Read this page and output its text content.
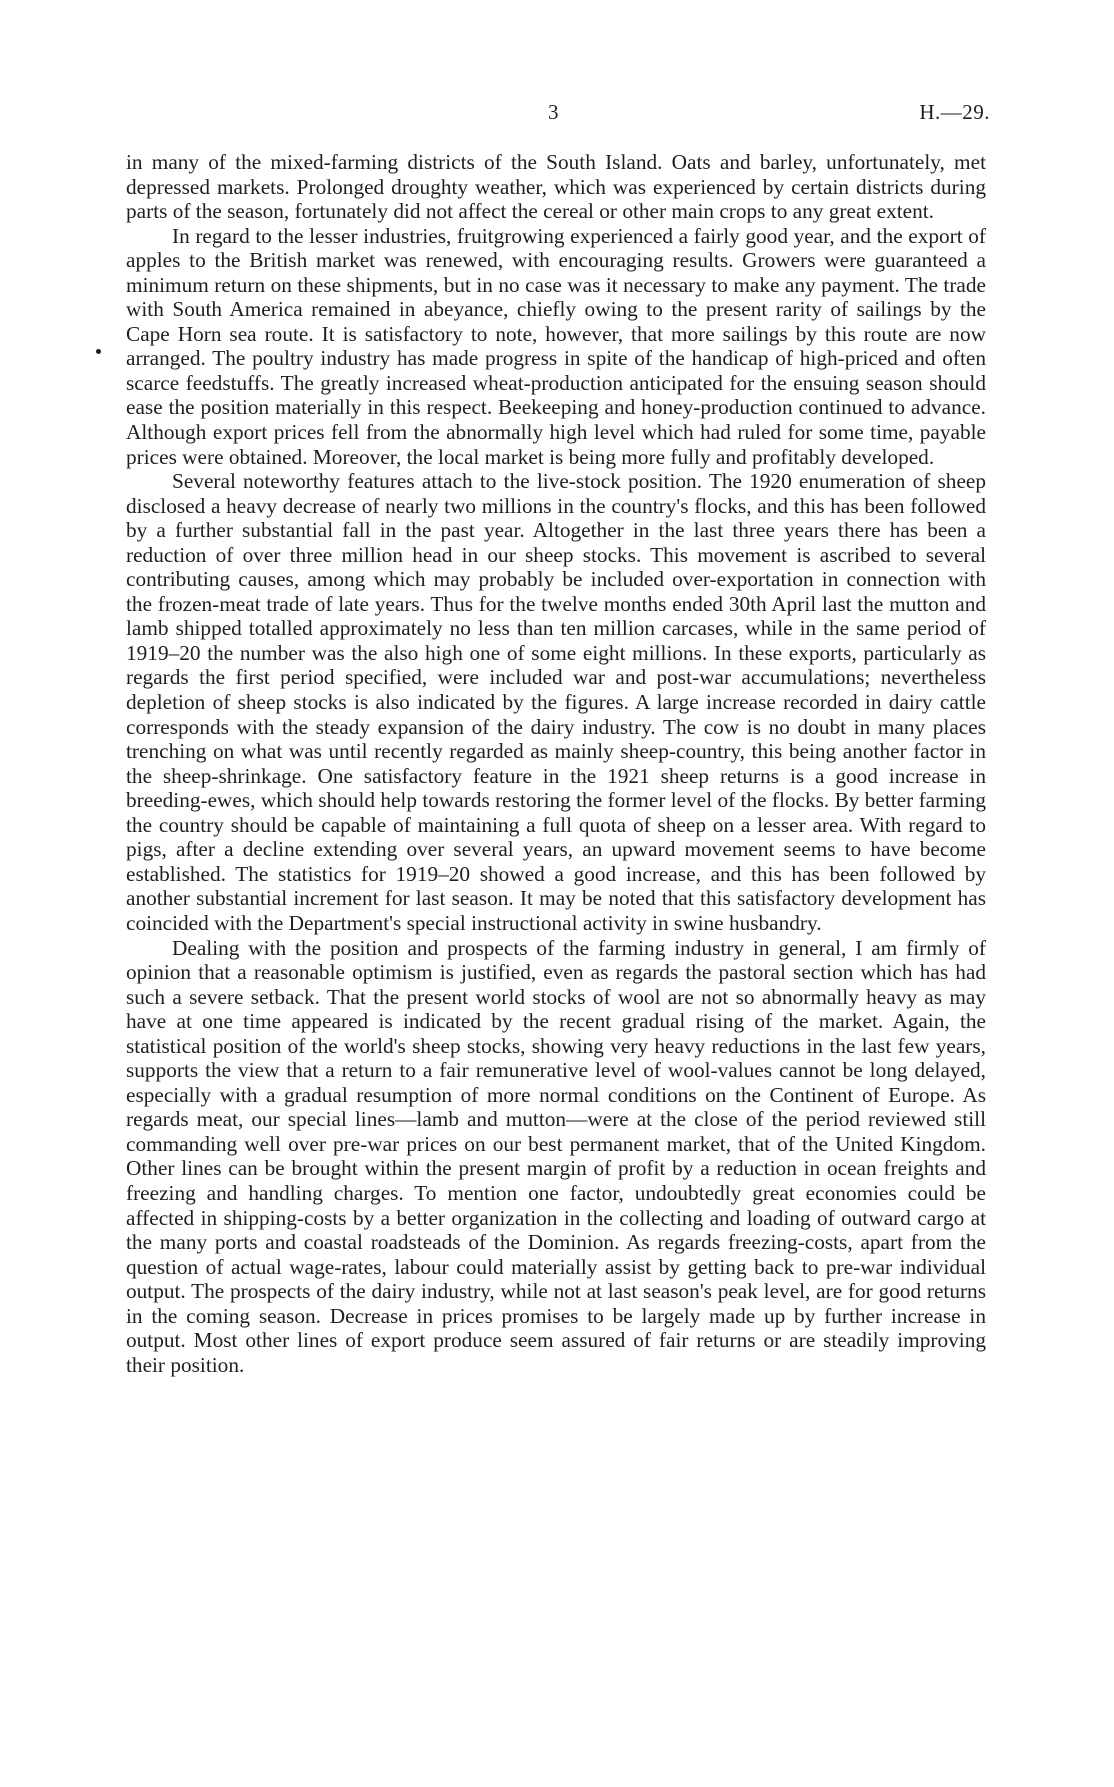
3	H.—29.

in many of the mixed-farming districts of the South Island. Oats and barley, unfortunately, met depressed markets. Prolonged droughty weather, which was experienced by certain districts during parts of the season, fortunately did not affect the cereal or other main crops to any great extent.

In regard to the lesser industries, fruitgrowing experienced a fairly good year, and the export of apples to the British market was renewed, with encouraging results. Growers were guaranteed a minimum return on these shipments, but in no case was it necessary to make any payment. The trade with South America remained in abeyance, chiefly owing to the present rarity of sailings by the Cape Horn sea route. It is satisfactory to note, however, that more sailings by this route are now arranged. The poultry industry has made progress in spite of the handicap of high-priced and often scarce feedstuffs. The greatly increased wheat-production anticipated for the ensuing season should ease the position materially in this respect. Beekeeping and honey-production continued to advance. Although export prices fell from the abnormally high level which had ruled for some time, payable prices were obtained. Moreover, the local market is being more fully and profitably developed.

Several noteworthy features attach to the live-stock position. The 1920 enumeration of sheep disclosed a heavy decrease of nearly two millions in the country's flocks, and this has been followed by a further substantial fall in the past year. Altogether in the last three years there has been a reduction of over three million head in our sheep stocks. This movement is ascribed to several contributing causes, among which may probably be included over-exportation in connection with the frozen-meat trade of late years. Thus for the twelve months ended 30th April last the mutton and lamb shipped totalled approximately no less than ten million carcases, while in the same period of 1919–20 the number was the also high one of some eight millions. In these exports, particularly as regards the first period specified, were included war and post-war accumulations; nevertheless depletion of sheep stocks is also indicated by the figures. A large increase recorded in dairy cattle corresponds with the steady expansion of the dairy industry. The cow is no doubt in many places trenching on what was until recently regarded as mainly sheep-country, this being another factor in the sheep-shrinkage. One satisfactory feature in the 1921 sheep returns is a good increase in breeding-ewes, which should help towards restoring the former level of the flocks. By better farming the country should be capable of maintaining a full quota of sheep on a lesser area. With regard to pigs, after a decline extending over several years, an upward movement seems to have become established. The statistics for 1919–20 showed a good increase, and this has been followed by another substantial increment for last season. It may be noted that this satisfactory development has coincided with the Department's special instructional activity in swine husbandry.

Dealing with the position and prospects of the farming industry in general, I am firmly of opinion that a reasonable optimism is justified, even as regards the pastoral section which has had such a severe setback. That the present world stocks of wool are not so abnormally heavy as may have at one time appeared is indicated by the recent gradual rising of the market. Again, the statistical position of the world's sheep stocks, showing very heavy reductions in the last few years, supports the view that a return to a fair remunerative level of wool-values cannot be long delayed, especially with a gradual resumption of more normal conditions on the Continent of Europe. As regards meat, our special lines—lamb and mutton—were at the close of the period reviewed still commanding well over pre-war prices on our best permanent market, that of the United Kingdom. Other lines can be brought within the present margin of profit by a reduction in ocean freights and freezing and handling charges. To mention one factor, undoubtedly great economies could be affected in shipping-costs by a better organization in the collecting and loading of outward cargo at the many ports and coastal roadsteads of the Dominion. As regards freezing-costs, apart from the question of actual wage-rates, labour could materially assist by getting back to pre-war individual output. The prospects of the dairy industry, while not at last season's peak level, are for good returns in the coming season. Decrease in prices promises to be largely made up by further increase in output. Most other lines of export produce seem assured of fair returns or are steadily improving their position.
